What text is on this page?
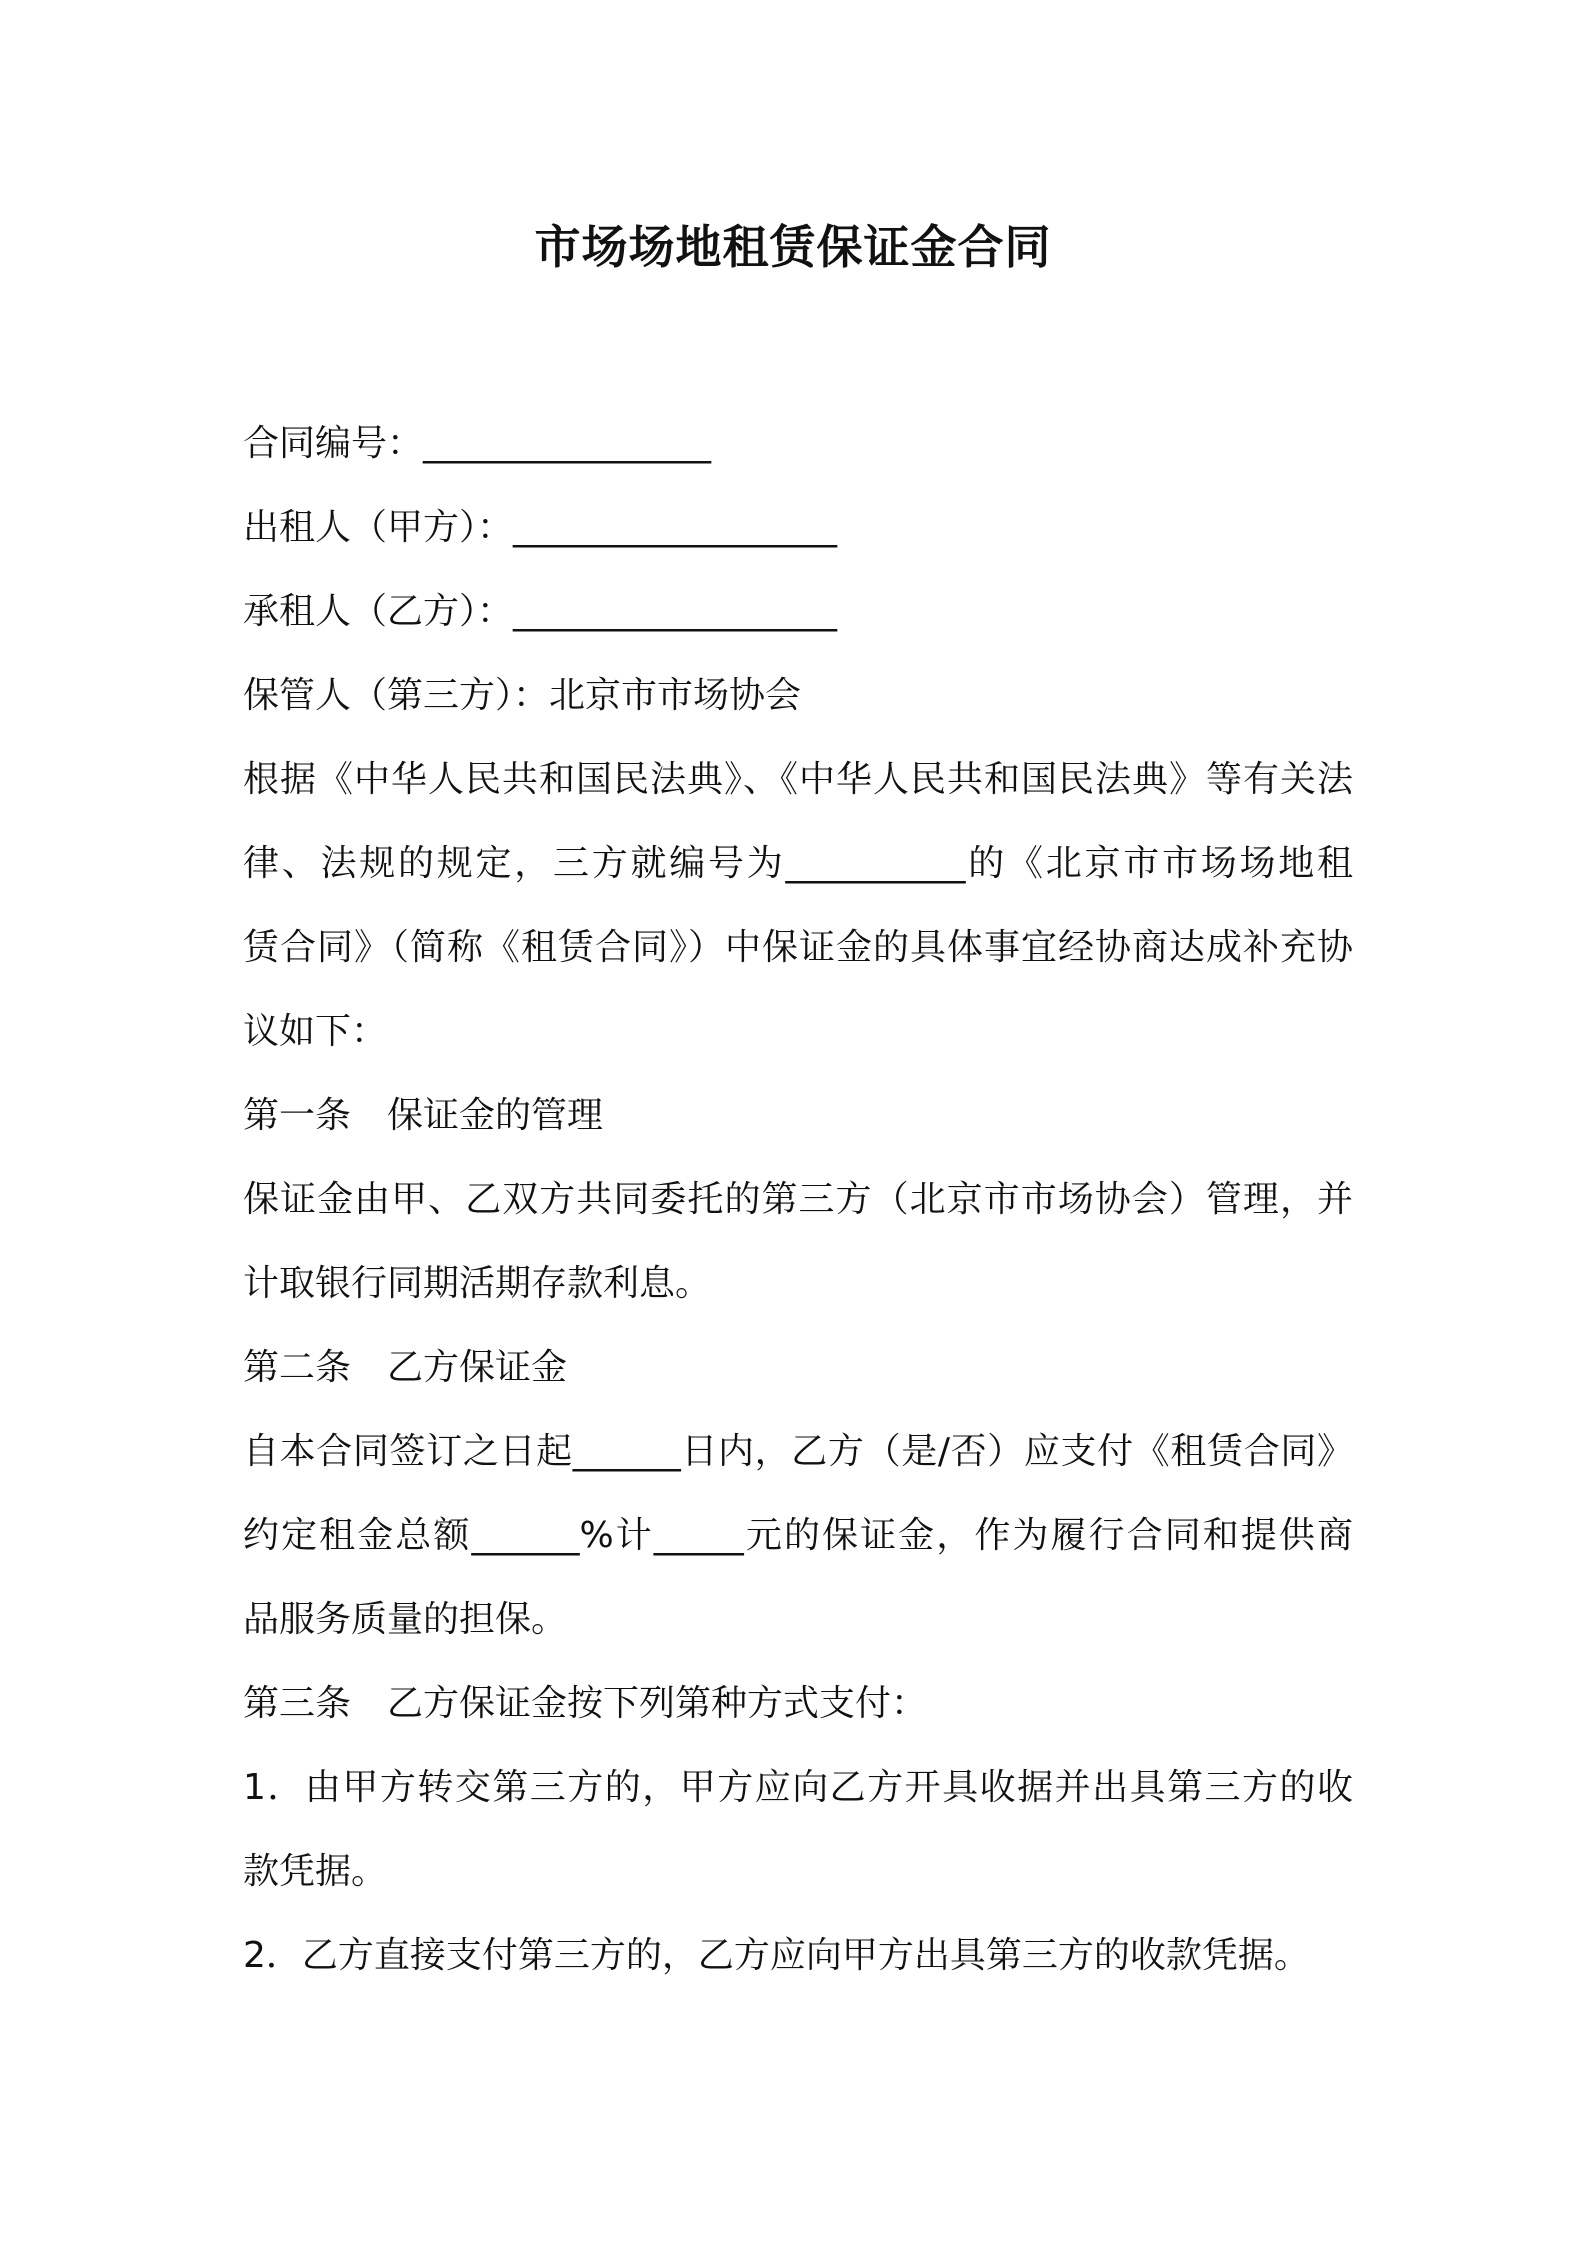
市场场地租赁保证金合同
合同编号：________________
出租人（甲方）：__________________
承租人（乙方）：__________________
保管人（第三方）：北京市市场协会
根据《中华人民共和国民法典》、《中华人民共和国民法典》等有关法
律、法规的规定，三方就编号为__________的《北京市市场场地租
赁合同》（简称《租赁合同》）中保证金的具体事宜经协商达成补充协
议如下：
第一条　保证金的管理
保证金由甲、乙双方共同委托的第三方（北京市市场协会）管理，并
计取银行同期活期存款利息。
第二条　乙方保证金
自本合同签订之日起______日内，乙方（是/否）应支付《租赁合同》
约定租金总额______%计_____元的保证金，作为履行合同和提供商
品服务质量的担保。
第三条　乙方保证金按下列第种方式支付：
1．由甲方转交第三方的，甲方应向乙方开具收据并出具第三方的收
款凭据。
2．乙方直接支付第三方的，乙方应向甲方出具第三方的收款凭据。
